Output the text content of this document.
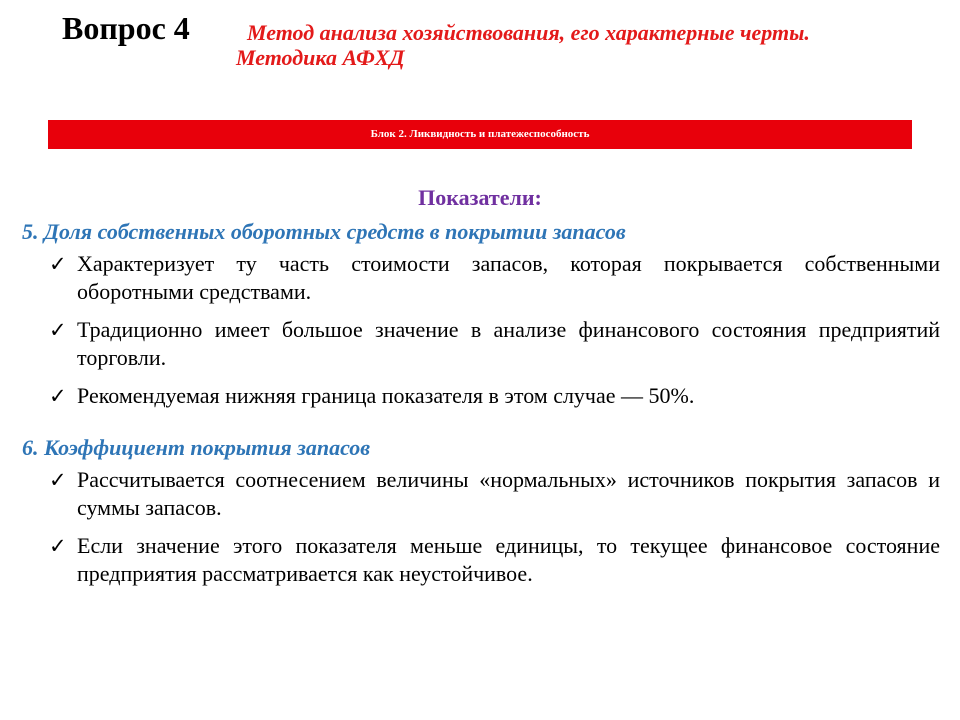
Вопрос 4	Метод анализа хозяйствования, его характерные черты.
Методика АФХД
Блок 2. Ликвидность и платежеспособность
Показатели:

5. Доля собственных оборотных средств в покрытии запасов

✓ Характеризует ту часть стоимости запасов, которая покрывается собственными оборотными средствами.
✓ Традиционно имеет большое значение в анализе финансового состояния предприятий торговли.
✓ Рекомендуемая нижняя граница показателя в этом случае — 50%.

6. Коэффициент покрытия запасов

✓ Рассчитывается соотнесением величины «нормальных» источников покрытия запасов и суммы запасов.
✓ Если значение этого показателя меньше единицы, то текущее финансовое состояние предприятия рассматривается как неустойчивое.
